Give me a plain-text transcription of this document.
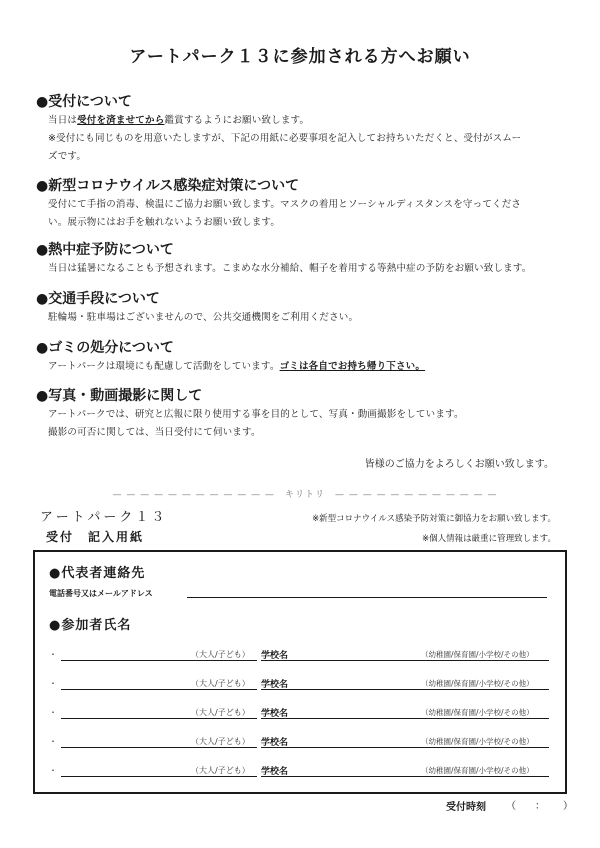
アートパーク１３に参加される方へお願い
●受付について

当日は受付を済ませてから鑑賞するようにお願い致します。

※受付にも同じものを用意いたしますが、下記の用紙に必要事項を記入してお持ちいただくと、受付がスムー

ズです。

●新型コロナウイルス感染症対策について

受付にて手指の消毒、検温にご協力お願い致します。マスクの着用とソーシャルディスタンスを守ってくださ

い。展示物にはお手を触れないようお願い致します。

●熱中症予防について

当日は猛暑になることも予想されます。こまめな水分補給、帽子を着用する等熱中症の予防をお願い致します。

●交通手段について

駐輪場・駐車場はございませんので、公共交通機関をご利用ください。

●ゴミの処分について

アートパークは環境にも配慮して活動をしています。ゴミは各自でお持ち帰り下さい。

●写真・動画撮影に関して

アートパークでは、研究と広報に限り使用する事を目的として、写真・動画撮影をしています。

撮影の可否に関しては、当日受付にて伺います。

皆様のご協力をよろしくお願い致します。
— — — — — — — — — — — —　キリトリ　— — — — — — — — — — — —
アートパーク１３
受付　記入用紙
※新型コロナウイルス感染予防対策に御協力をお願い致します。
※個人情報は厳重に管理致します。
●代表者連絡先
電話番号又はメールアドレス
●参加者氏名
・	（大人/子ども） 学校名	（幼稚園/保育園/小学校/その他）
・	（大人/子ども） 学校名	（幼稚園/保育園/小学校/その他）
・	（大人/子ども） 学校名	（幼稚園/保育園/小学校/その他）
・	（大人/子ども） 学校名	（幼稚園/保育園/小学校/その他）
・	（大人/子ども） 学校名	（幼稚園/保育園/小学校/その他）
受付時刻 （ ： ）
